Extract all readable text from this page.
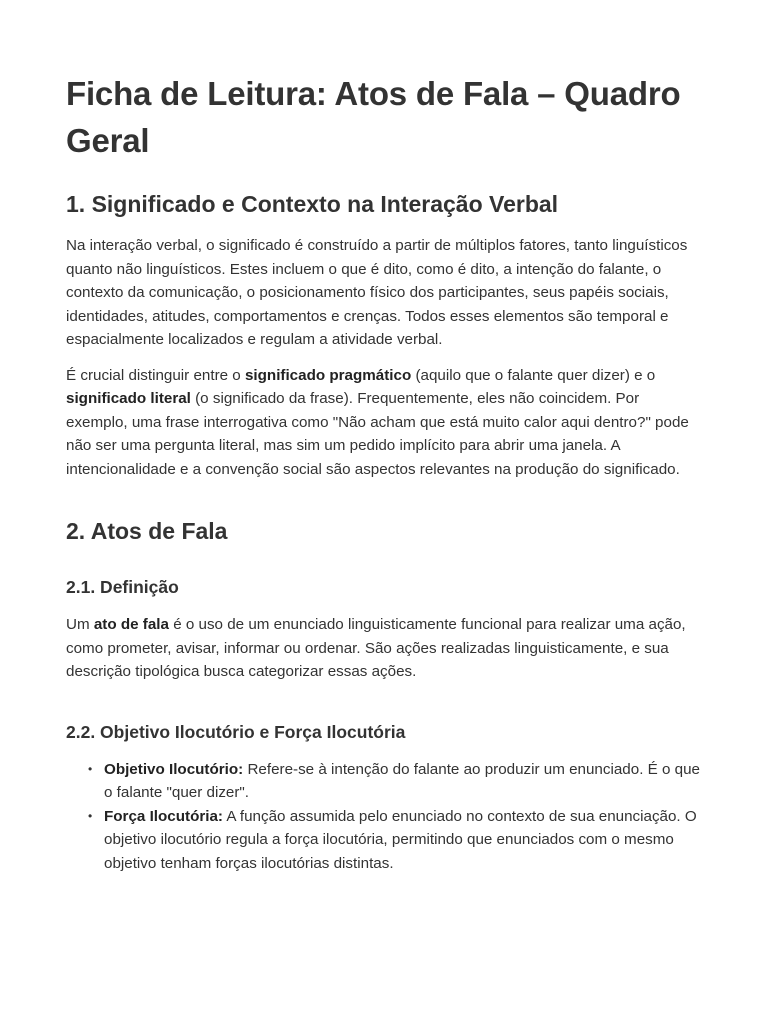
Ficha de Leitura: Atos de Fala – Quadro Geral
1. Significado e Contexto na Interação Verbal

Na interação verbal, o significado é construído a partir de múltiplos fatores, tanto linguísticos quanto não linguísticos. Estes incluem o que é dito, como é dito, a intenção do falante, o contexto da comunicação, o posicionamento físico dos participantes, seus papéis sociais, identidades, atitudes, comportamentos e crenças. Todos esses elementos são temporal e espacialmente localizados e regulam a atividade verbal.

É crucial distinguir entre o significado pragmático (aquilo que o falante quer dizer) e o significado literal (o significado da frase). Frequentemente, eles não coincidem. Por exemplo, uma frase interrogativa como "Não acham que está muito calor aqui dentro?" pode não ser uma pergunta literal, mas sim um pedido implícito para abrir uma janela. A intencionalidade e a convenção social são aspectos relevantes na produção do significado.

2. Atos de Fala
2.1. Definição

Um ato de fala é o uso de um enunciado linguisticamente funcional para realizar uma ação, como prometer, avisar, informar ou ordenar. São ações realizadas linguisticamente, e sua descrição tipológica busca categorizar essas ações.

2.2. Objetivo Ilocutório e Força Ilocutória
• Objetivo Ilocutório: Refere-se à intenção do falante ao produzir um enunciado. É o que o falante "quer dizer".
• Força Ilocutória: A função assumida pelo enunciado no contexto de sua enunciação. O objetivo ilocutório regula a força ilocutória, permitindo que enunciados com o mesmo objetivo tenham forças ilocutórias distintas.
